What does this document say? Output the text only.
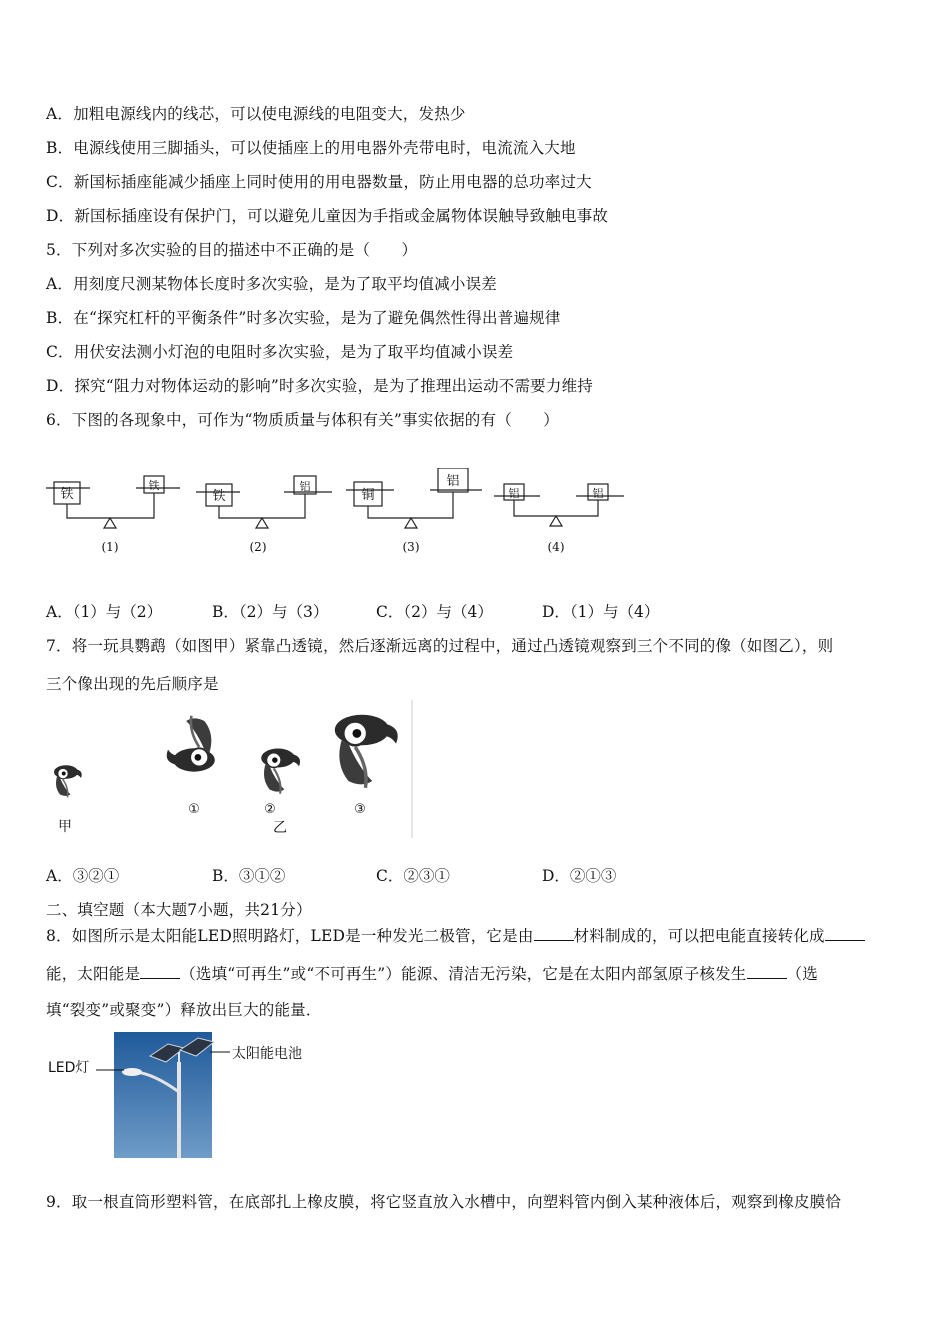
A．加粗电源线内的线芯，可以使电源线的电阻变大，发热少
B．电源线使用三脚插头，可以使插座上的用电器外壳带电时，电流流入大地
C．新国标插座能减少插座上同时使用的用电器数量，防止用电器的总功率过大
D．新国标插座设有保护门，可以避免儿童因为手指或金属物体误触导致触电事故
5．下列对多次实验的目的描述中不正确的是（　　）
A．用刻度尺测某物体长度时多次实验，是为了取平均值减小误差
B．在“探究杠杆的平衡条件”时多次实验，是为了避免偶然性得出普遍规律
C．用伏安法测小灯泡的电阻时多次实验，是为了取平均值减小误差
D．探究“阻力对物体运动的影响”时多次实验，是为了推理出运动不需要力维持
6．下图的各现象中，可作为“物质质量与体积有关”事实依据的有（　　）
铁
铁
(1)
铁
铝
(2)
铜
铝
(3)
铝	铝
(4)
A．（1）与（2）	B．（2）与（3）	C．（2）与（4）	D．（1）与（4）
7．将一玩具鹦鹉（如图甲）紧靠凸透镜，然后逐渐远离的过程中，通过凸透镜观察到三个不同的像（如图乙），则
三个像出现的先后顺序是
甲
①	②
乙
③
A．③②①	B．③①②	C．②③①	D．②①③
二、填空题（本大题7小题，共21分）
8．如图所示是太阳能LED照明路灯，LED是一种发光二极管，它是由	材料制成的，可以把电能直接转化成
能，太阳能是	（选填“可再生”或“不可再生”）能源、清洁无污染，它是在太阳内部氢原子核发生	（选
填“裂变”或聚变”）释放出巨大的能量．
LED灯
太阳能电池
9．取一根直筒形塑料管，在底部扎上橡皮膜，将它竖直放入水槽中，向塑料管内倒入某种液体后，观察到橡皮膜恰
